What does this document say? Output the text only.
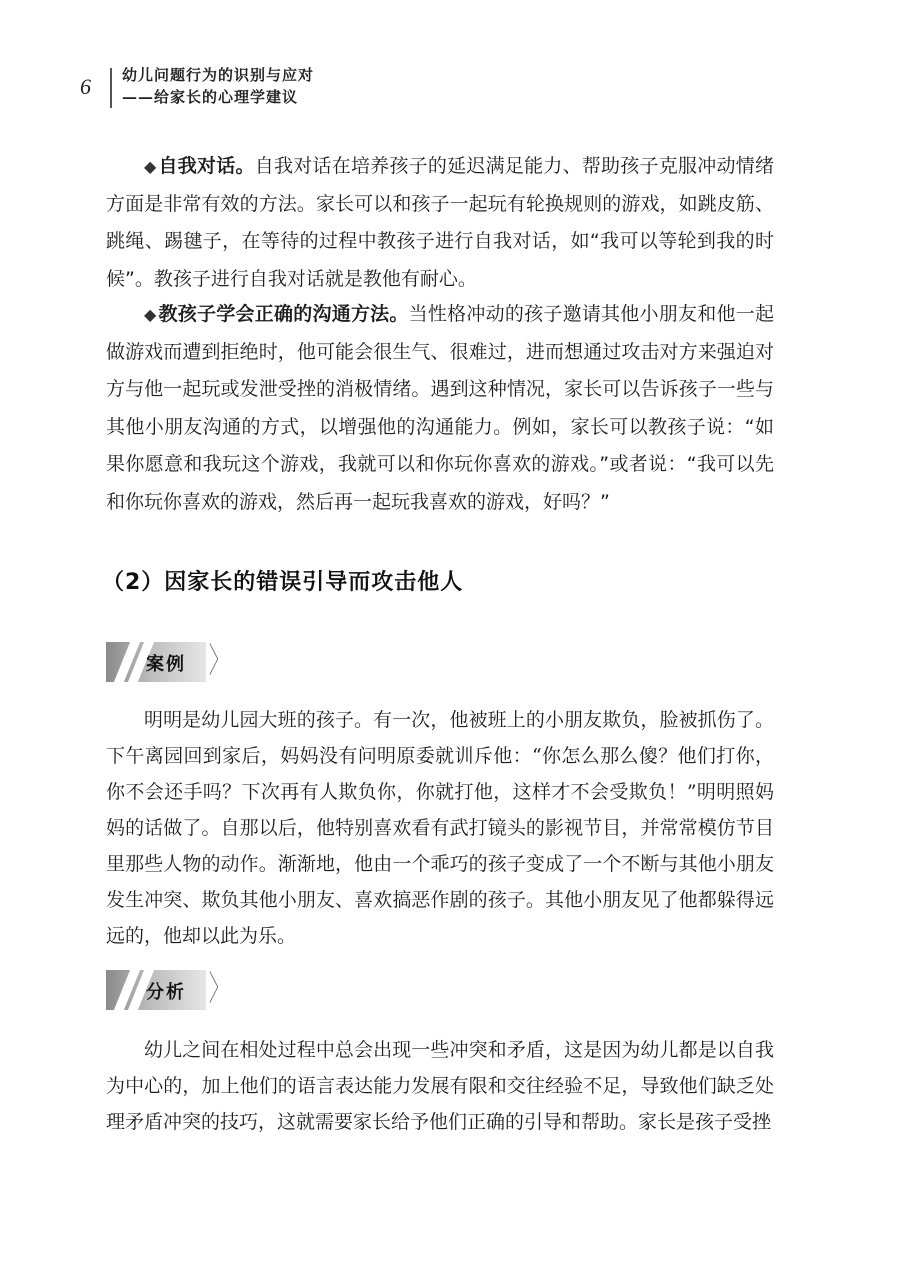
6 幼儿问题行为的识别与应对
——给家长的心理学建议
◆ 自我对话。自我对话在培养孩子的延迟满足能力、帮助孩子克服冲动情绪方面是非常有效的方法。家长可以和孩子一起玩有轮换规则的游戏，如跳皮筋、跳绳、踢毽子，在等待的过程中教孩子进行自我对话，如“我可以等轮到我的时候”。教孩子进行自我对话就是教他有耐心。
◆ 教孩子学会正确的沟通方法。当性格冲动的孩子邀请其他小朋友和他一起做游戏而遭到拒绝时，他可能会很生气、很难过，进而想通过攻击对方来强迫对方与他一起玩或发泄受挫的消极情绪。遇到这种情况，家长可以告诉孩子一些与其他小朋友沟通的方式，以增强他的沟通能力。例如，家长可以教孩子说：“如果你愿意和我玩这个游戏，我就可以和你玩你喜欢的游戏。”或者说：“我可以先和你玩你喜欢的游戏，然后再一起玩我喜欢的游戏，好吗？”
（2）因家长的错误引导而攻击他人
案例 〉
明明是幼儿园大班的孩子。有一次，他被班上的小朋友欺负，脸被抓伤了。下午离园回到家后，妈妈没有问明原委就训斥他：“你怎么那么傻？他们打你，你不会还手吗？下次再有人欺负你，你就打他，这样才不会受欺负！”明明照妈妈的话做了。自那以后，他特别喜欢看有武打镜头的影视节目，并常常模仿节目里那些人物的动作。渐渐地，他由一个乖巧的孩子变成了一个不断与其他小朋友发生冲突、欺负其他小朋友、喜欢搞恶作剧的孩子。其他小朋友见了他都躲得远远的，他却以此为乐。
分析 〉
幼儿之间在相处过程中总会出现一些冲突和矛盾，这是因为幼儿都是以自我为中心的，加上他们的语言表达能力发展有限和交往经验不足，导致他们缺乏处理矛盾冲突的技巧，这就需要家长给予他们正确的引导和帮助。家长是孩子受挫
